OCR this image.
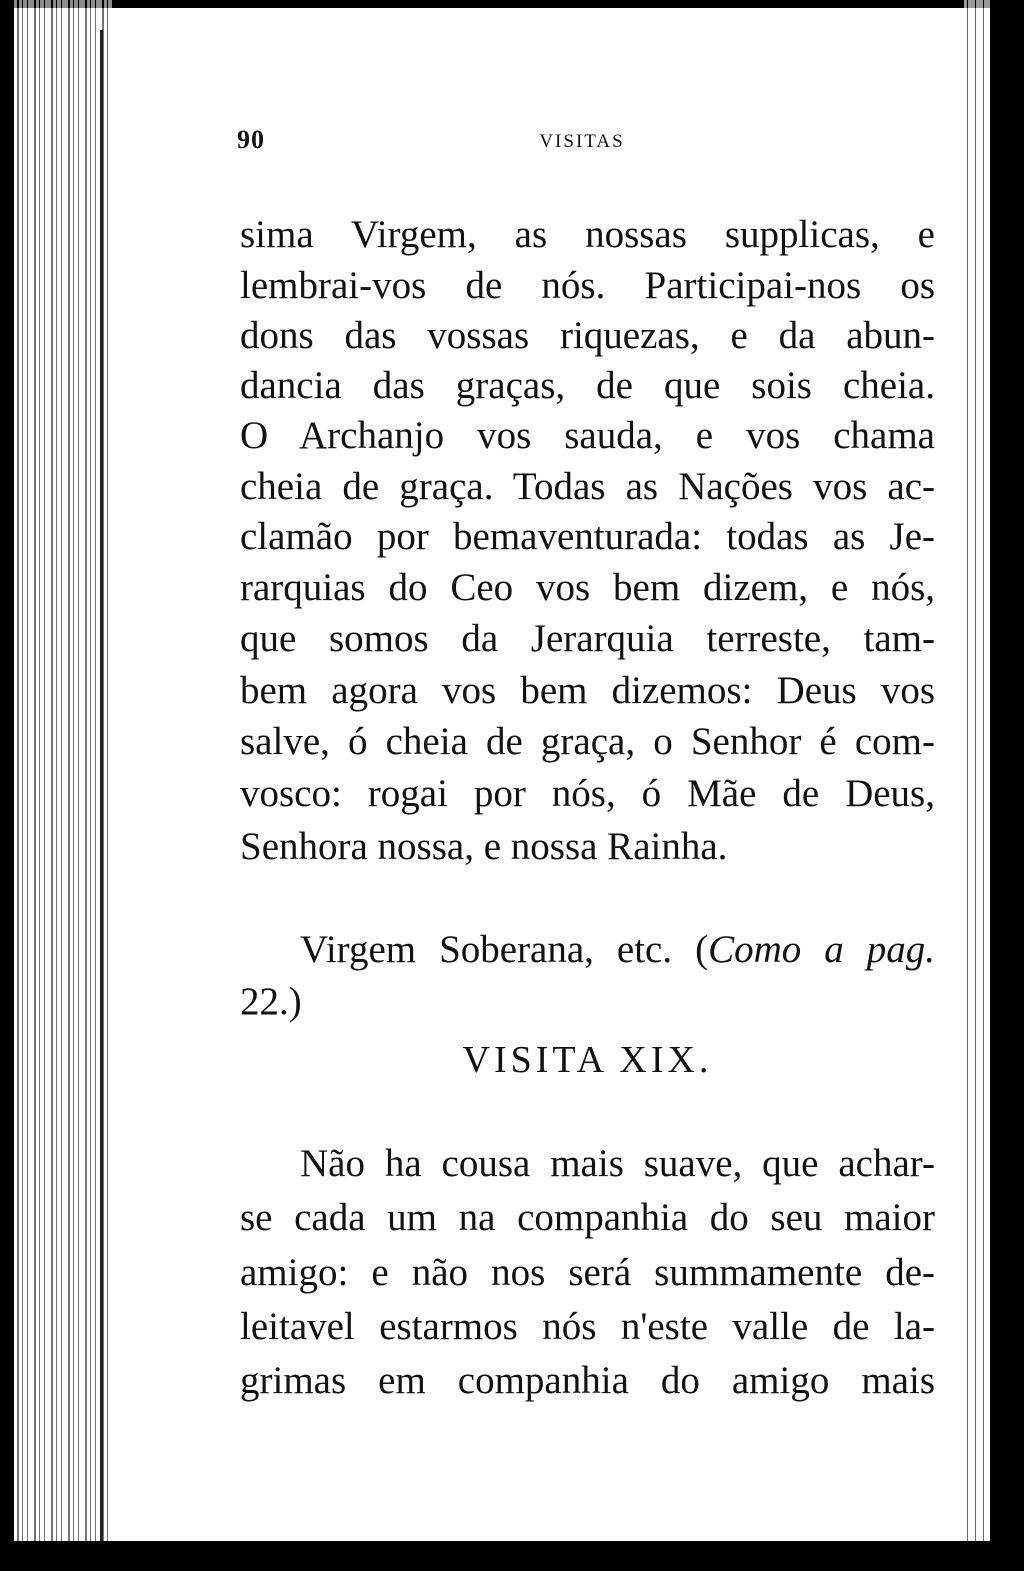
90	VISITAS
sima Virgem, as nossas supplicas, e
lembrai-vos de nós. Participai-nos os
dons das vossas riquezas, e da abun-
dancia das graças, de que sois cheia.
O Archanjo vos sauda, e vos chama
cheia de graça. Todas as Nações vos ac-
clamão por bemaventurada: todas as Je-
rarquias do Ceo vos bem dizem, e nós,
que somos da Jerarquia terreste, tam-
bem agora vos bem dizemos: Deus vos
salve, ó cheia de graça, o Senhor é com-
vosco: rogai por nós, ó Mãe de Deus,
Senhora nossa, e nossa Rainha.
Virgem Soberana, etc. (Como a pag.
22.)
VISITA XIX.
Não ha cousa mais suave, que achar-
se cada um na companhia do seu maior
amigo: e não nos será summamente de-
leitavel estarmos nós n'este valle de la-
grimas em companhia do amigo mais
